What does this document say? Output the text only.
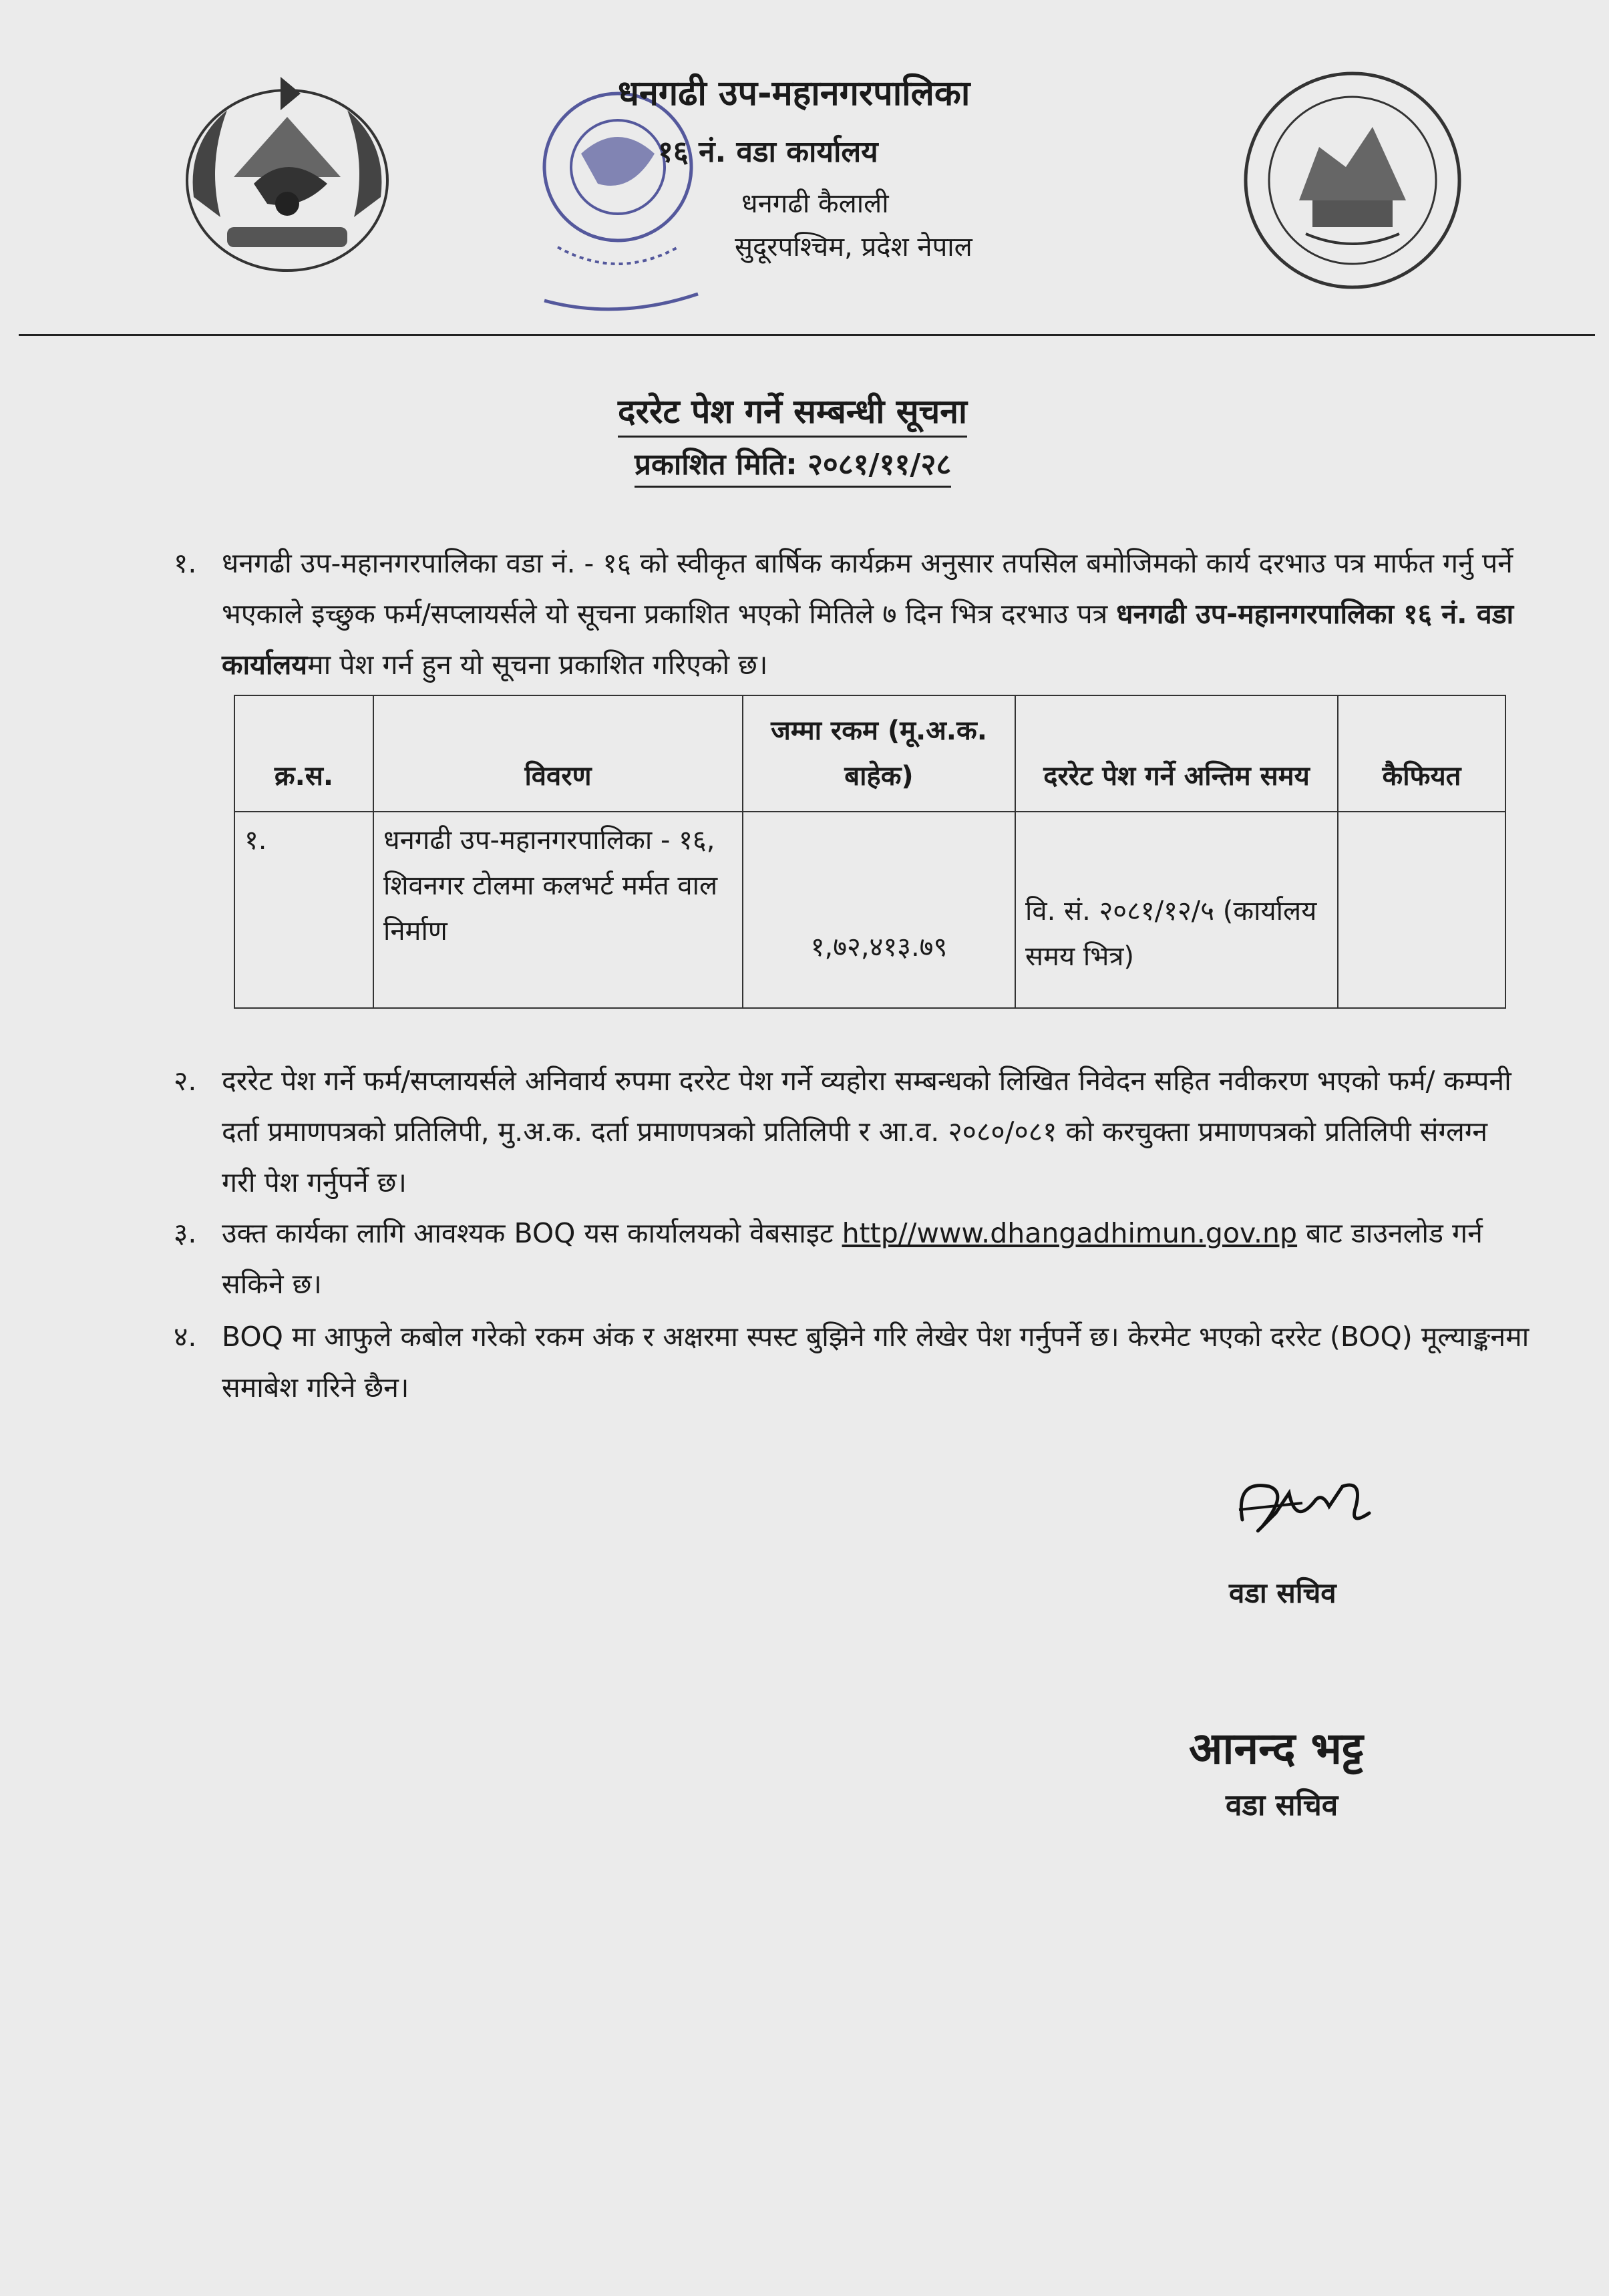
धनगढी उप-महानगरपालिका
१६ नं. वडा कार्यालय
धनगढी कैलाली
सुदूरपश्चिम, प्रदेश नेपाल
दररेट पेश गर्ने सम्बन्धी सूचना
प्रकाशित मिति: २०८१/११/२८
१. धनगढी उप-महानगरपालिका वडा नं. - १६ को स्वीकृत बार्षिक कार्यक्रम अनुसार तपसिल बमोजिमको कार्य दरभाउ पत्र मार्फत गर्नु पर्ने भएकाले इच्छुक फर्म/सप्लायर्सले यो सूचना प्रकाशित भएको मितिले ७ दिन भित्र दरभाउ पत्र धनगढी उप-महानगरपालिका १६ नं. वडा कार्यालयमा पेश गर्न हुन यो सूचना प्रकाशित गरिएको छ।
क्र.स.	विवरण	जम्मा रकम (मू.अ.क. बाहेक)	दररेट पेश गर्ने अन्तिम समय	कैफियत
१.	धनगढी उप-महानगरपालिका - १६, शिवनगर टोलमा कलभर्ट मर्मत वाल निर्माण	१,७२,४१३.७९	वि. सं. २०८१/१२/५ (कार्यालय समय भित्र)	
२. दररेट पेश गर्ने फर्म/सप्लायर्सले अनिवार्य रुपमा दररेट पेश गर्ने व्यहोरा सम्बन्धको लिखित निवेदन सहित नवीकरण भएको फर्म/ कम्पनी दर्ता प्रमाणपत्रको प्रतिलिपी, मु.अ.क. दर्ता प्रमाणपत्रको प्रतिलिपी र आ.व. २०८०/०८१ को करचुक्ता प्रमाणपत्रको प्रतिलिपी संग्लग्न गरी पेश गर्नुपर्ने छ।
३. उक्त कार्यका लागि आवश्यक BOQ यस कार्यालयको वेबसाइट http//www.dhangadhimun.gov.np बाट डाउनलोड गर्न सकिने छ।
४. BOQ मा आफुले कबोल गरेको रकम अंक र अक्षरमा स्पस्ट बुझिने गरि लेखेर पेश गर्नुपर्ने छ। केरमेट भएको दररेट (BOQ) मूल्याङ्कनमा समाबेश गरिने छैन।
वडा सचिव
आनन्द भट्ट
वडा सचिव
